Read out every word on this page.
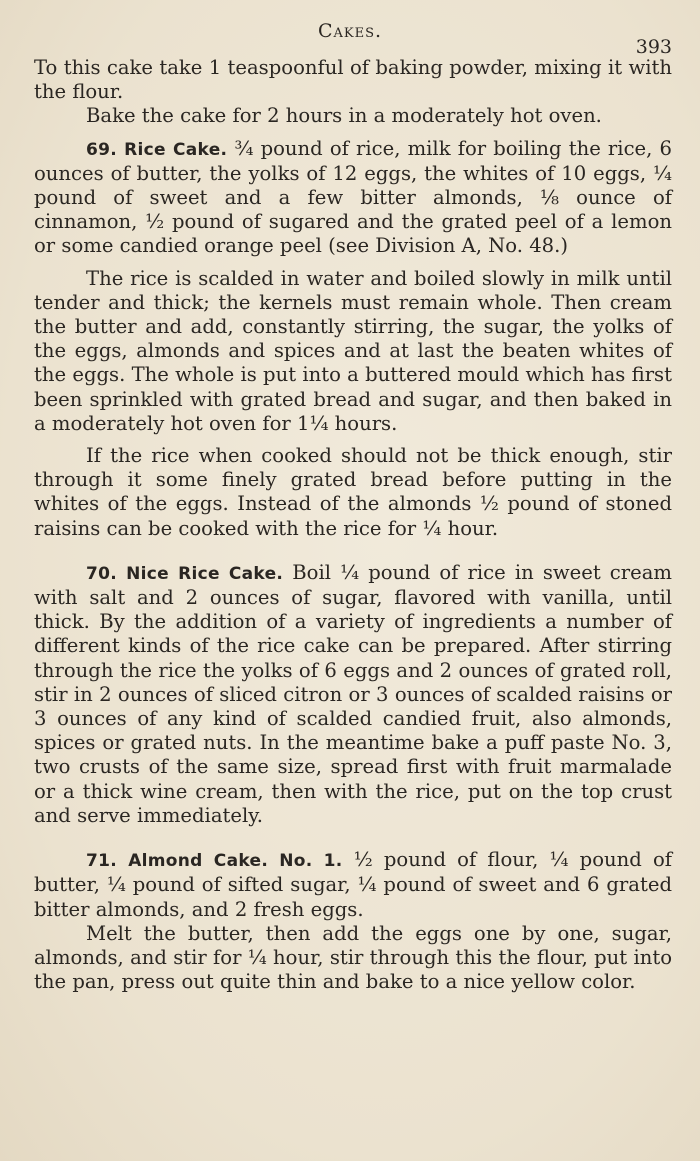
Cakes.
393

To this cake take 1 teaspoonful of baking powder, mixing it with the flour.

Bake the cake for 2 hours in a moderately hot oven.

69. Rice Cake. ¾ pound of rice, milk for boiling the rice, 6 ounces of butter, the yolks of 12 eggs, the whites of 10 eggs, ¼ pound of sweet and a few bitter almonds, ⅛ ounce of cinnamon, ½ pound of sugared and the grated peel of a lemon or some candied orange peel (see Division A, No. 48.)

The rice is scalded in water and boiled slowly in milk until tender and thick; the kernels must remain whole. Then cream the butter and add, constantly stirring, the sugar, the yolks of the eggs, almonds and spices and at last the beaten whites of the eggs. The whole is put into a buttered mould which has first been sprinkled with grated bread and sugar, and then baked in a moderately hot oven for 1¼ hours.

If the rice when cooked should not be thick enough, stir through it some finely grated bread before putting in the whites of the eggs. Instead of the almonds ½ pound of stoned raisins can be cooked with the rice for ¼ hour.

70. Nice Rice Cake. Boil ¼ pound of rice in sweet cream with salt and 2 ounces of sugar, flavored with vanilla, until thick. By the addition of a variety of ingredients a number of different kinds of the rice cake can be prepared. After stirring through the rice the yolks of 6 eggs and 2 ounces of grated roll, stir in 2 ounces of sliced citron or 3 ounces of scalded raisins or 3 ounces of any kind of scalded candied fruit, also almonds, spices or grated nuts. In the meantime bake a puff paste No. 3, two crusts of the same size, spread first with fruit marmalade or a thick wine cream, then with the rice, put on the top crust and serve immediately.

71. Almond Cake. No. 1. ½ pound of flour, ¼ pound of butter, ¼ pound of sifted sugar, ¼ pound of sweet and 6 grated bitter almonds, and 2 fresh eggs.

Melt the butter, then add the eggs one by one, sugar, almonds, and stir for ¼ hour, stir through this the flour, put into the pan, press out quite thin and bake to a nice yellow color.
